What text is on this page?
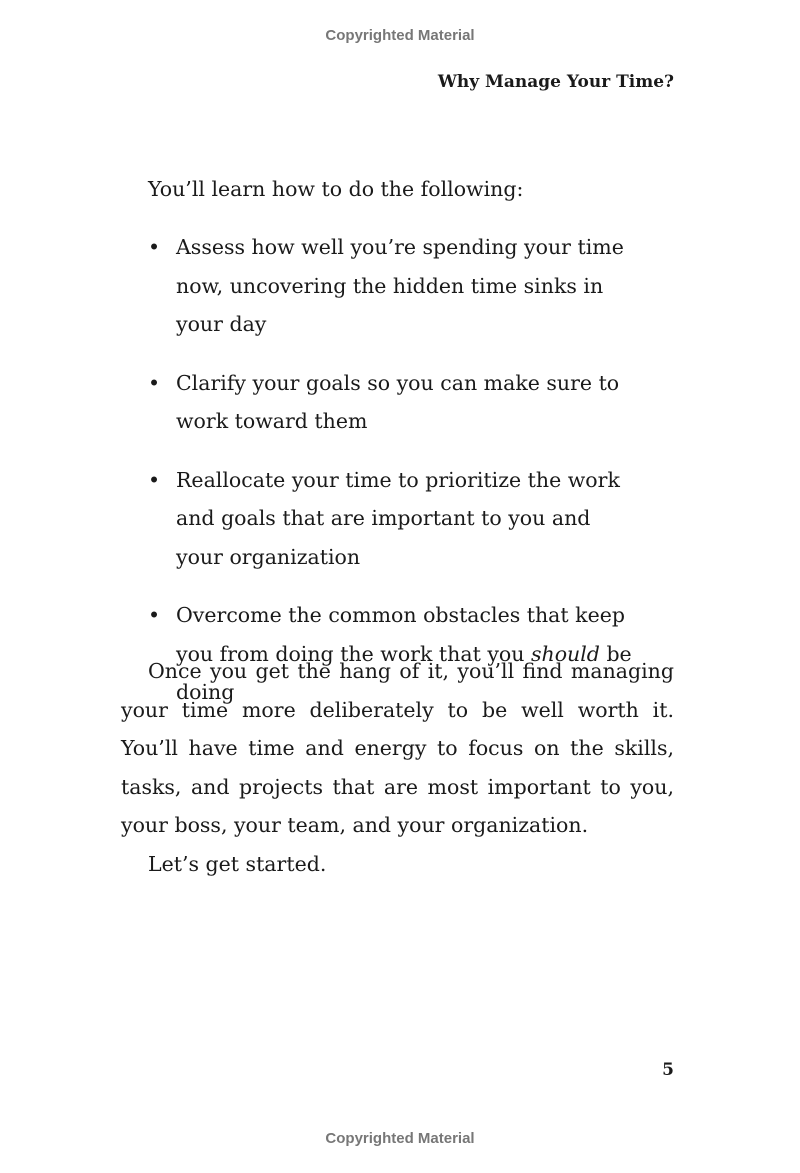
Copyrighted Material
Why Manage Your Time?
You’ll learn how to do the following:
• Assess how well you’re spending your time now, uncovering the hidden time sinks in your day
• Clarify your goals so you can make sure to work toward them
• Reallocate your time to prioritize the work and goals that are important to you and your organization
• Overcome the common obstacles that keep you from doing the work that you should be doing

Once you get the hang of it, you’ll find managing your time more deliberately to be well worth it. You’ll have time and energy to focus on the skills, tasks, and projects that are most important to you, your boss, your team, and your organization.

Let’s get started.

5
Copyrighted Material
